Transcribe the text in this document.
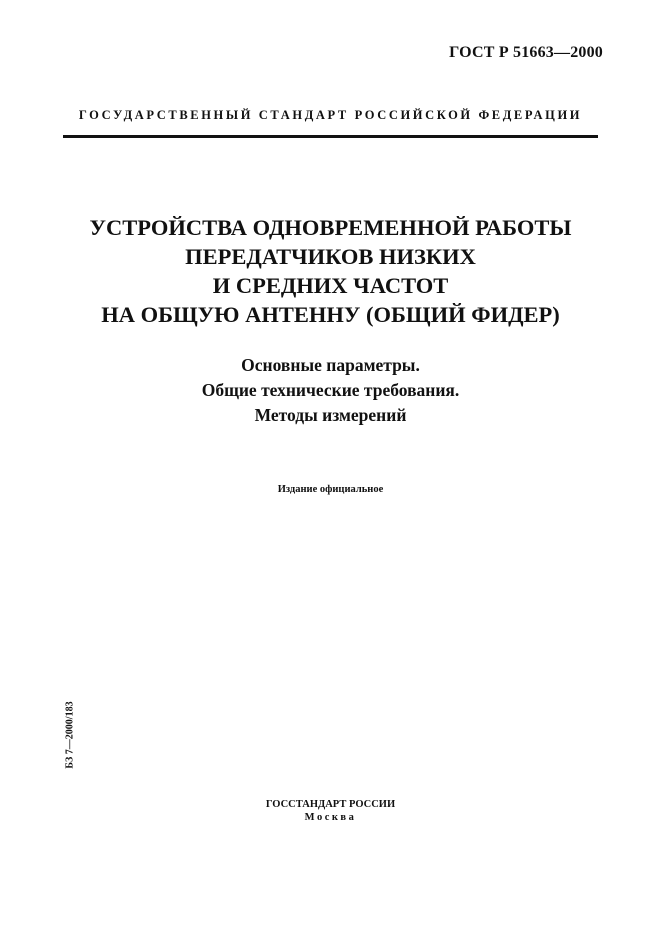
ГОСТ Р 51663—2000
ГОСУДАРСТВЕННЫЙ СТАНДАРТ РОССИЙСКОЙ ФЕДЕРАЦИИ
УСТРОЙСТВА ОДНОВРЕМЕННОЙ РАБОТЫ
ПЕРЕДАТЧИКОВ НИЗКИХ
И СРЕДНИХ ЧАСТОТ
НА ОБЩУЮ АНТЕННУ (ОБЩИЙ ФИДЕР)
Основные параметры.
Общие технические требования.
Методы измерений
Издание официальное
БЗ 7—2000/183
ГОССТАНДАРТ РОССИИ
Москва
